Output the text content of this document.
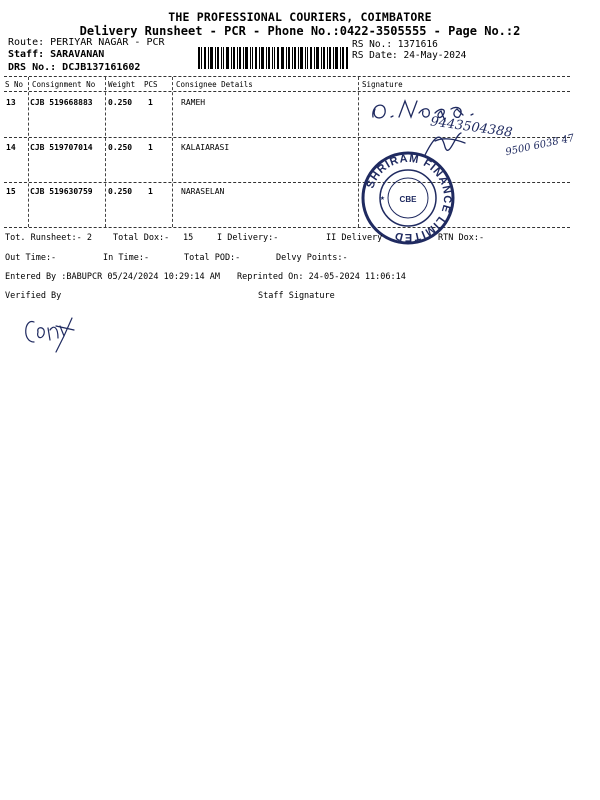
THE PROFESSIONAL COURIERS, COIMBATORE
Delivery Runsheet - PCR - Phone No.:0422-3505555 - Page No.:2
Route: PERIYAR NAGAR - PCR
Staff: SARAVANAN
DRS No.: DCJB137161602
RS No.: 1371616
RS Date: 24-May-2024
S No Consignment No Weight PCS Consignee Details	Signature
13 CJB 519668883 0.250 1	RAMEH
14 CJB 519707014 0.250 1	KALAIARASI
15 CJB 519630759 0.250 1	NARASELAN
9443504388
9500 6038 47
SHRIRAM FINANCE LIMITED
CBE
★
Tot. Runsheet:- 2 Total Dox:- 15	I Delivery:-	II Delivery	RTN Dox:-
Out Time:-	In Time:-	Total POD:-	Delvy Points:-
Entered By :BABUPCR 05/24/2024 10:29:14 AM Reprinted On: 24-05-2024 11:06:14
Verified By	Staff Signature
